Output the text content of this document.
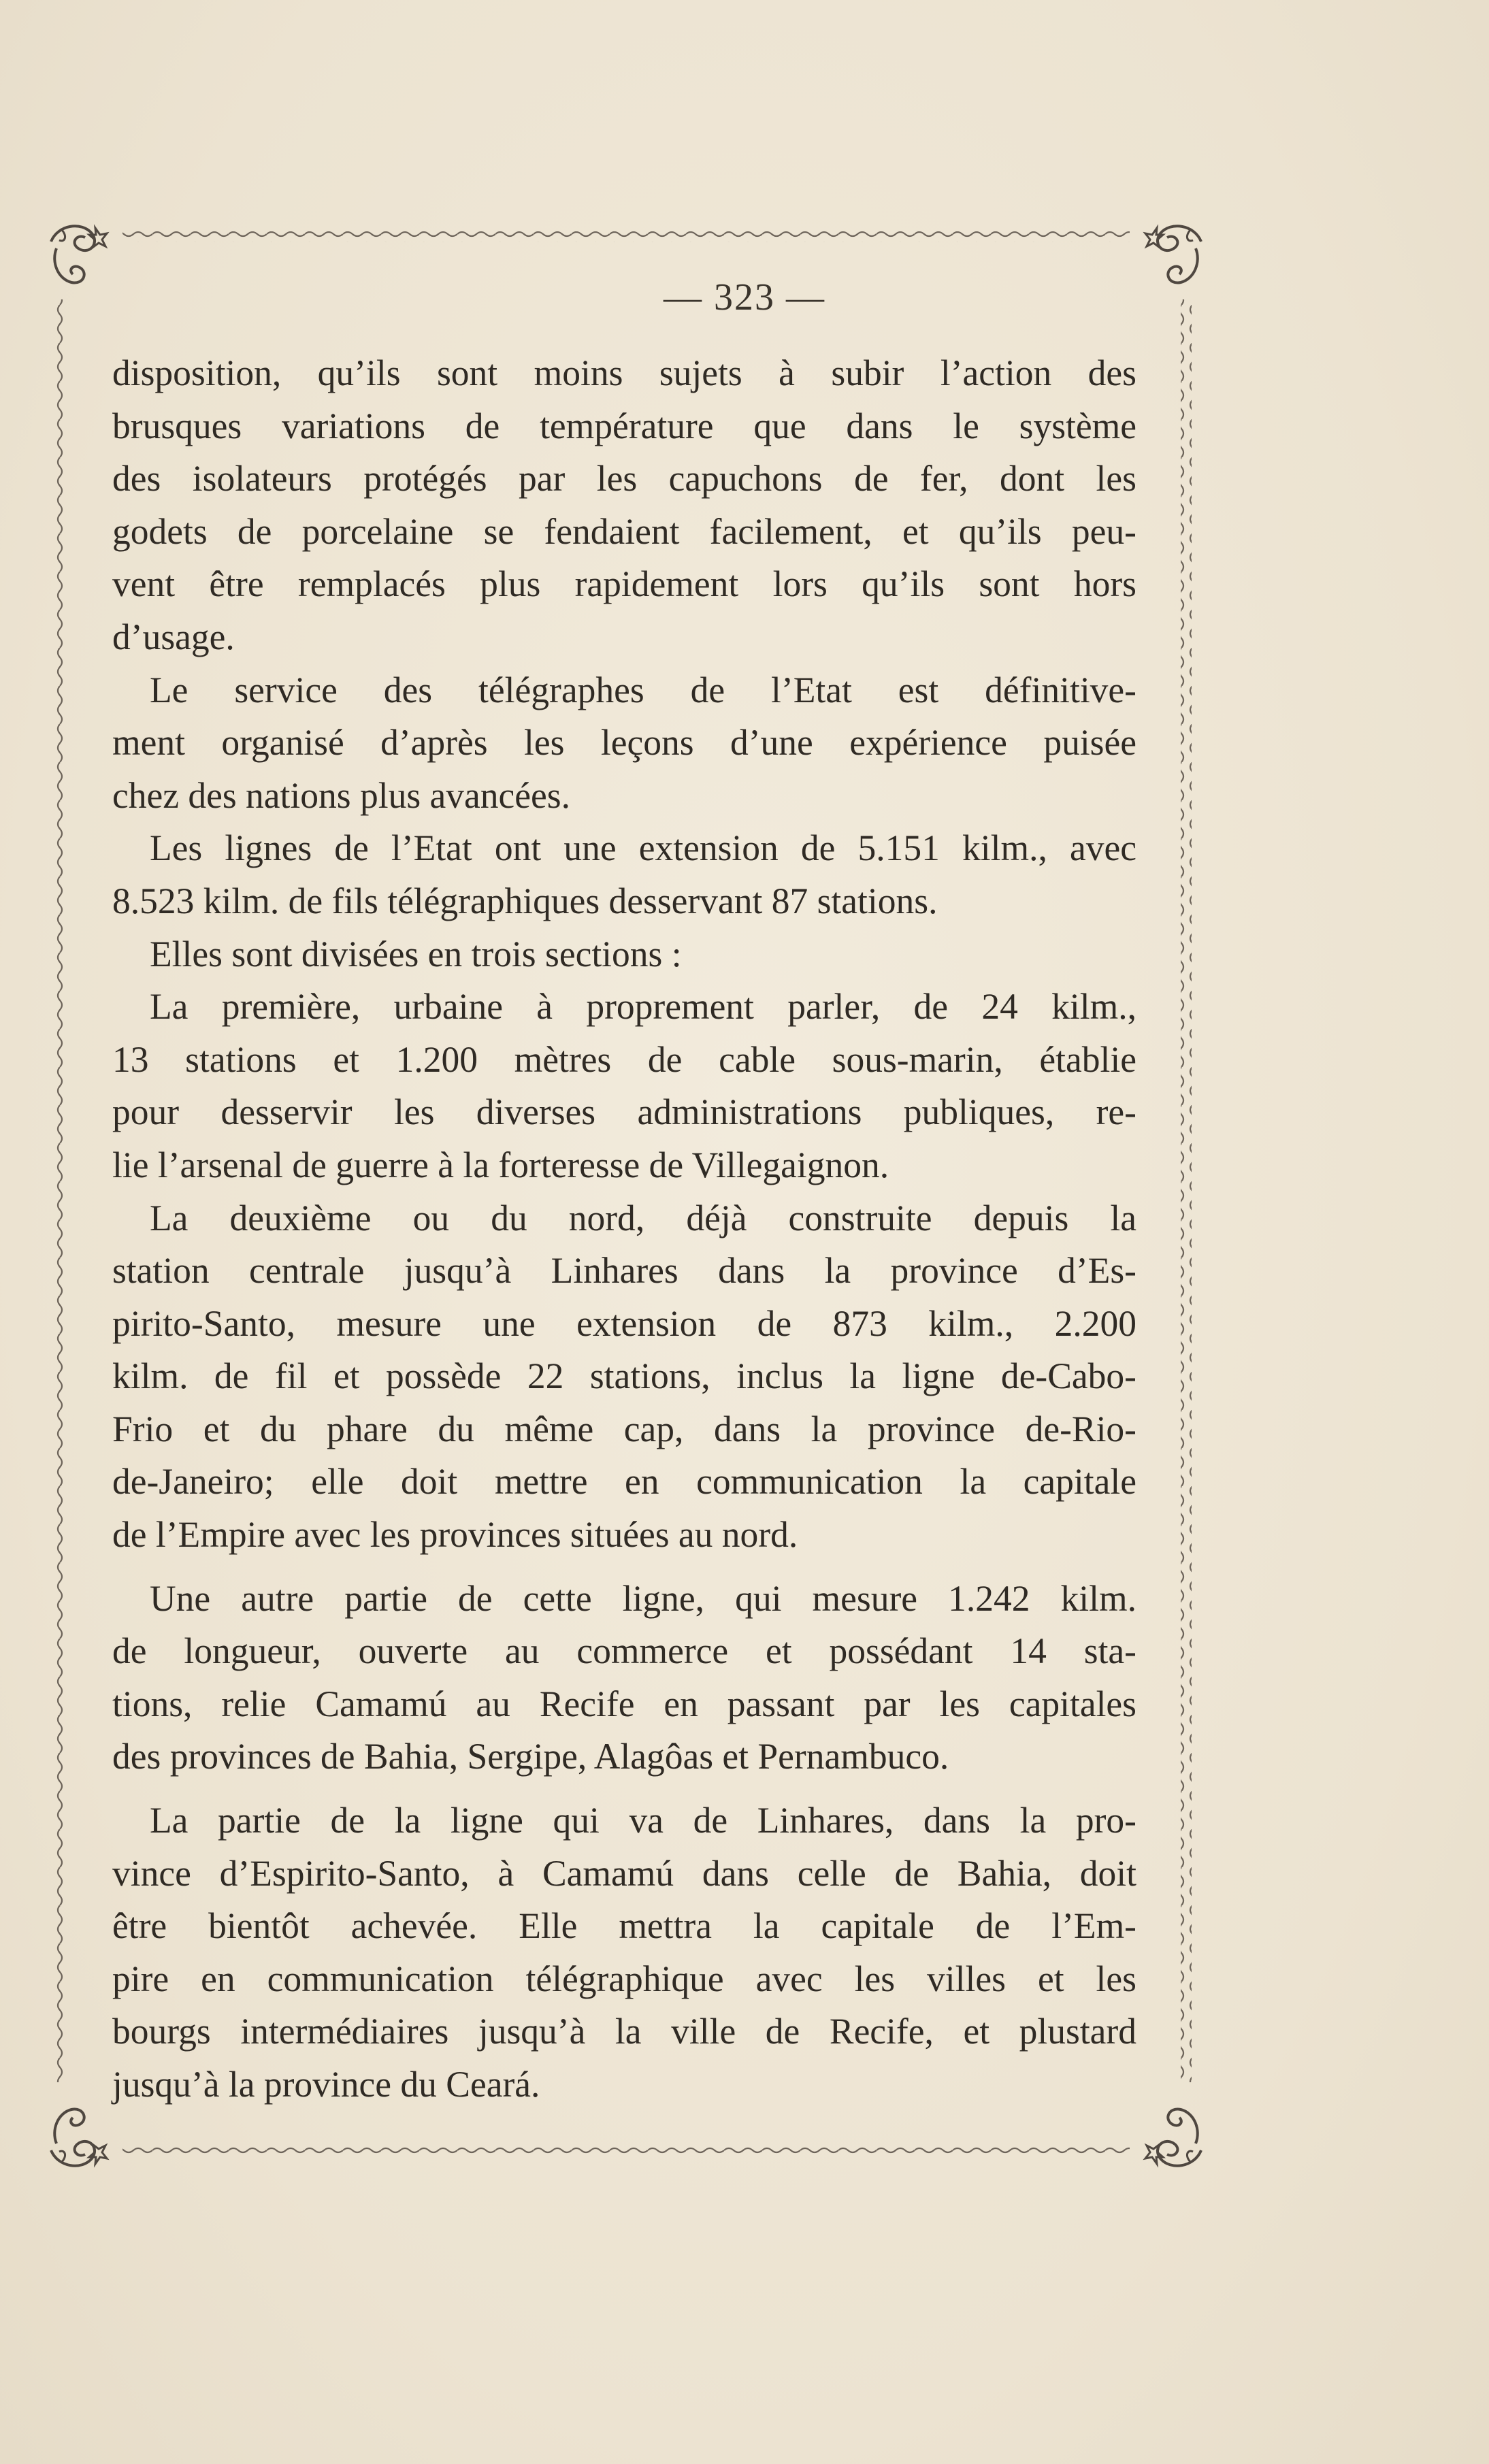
— 323 —

disposition, qu’ils sont moins sujets à subir l’action des
brusques variations de température que dans le système
des isolateurs protégés par les capuchons de fer, dont les
godets de porcelaine se fendaient facilement, et qu’ils peu-
vent être remplacés plus rapidement lors qu’ils sont hors
d’usage.

Le service des télégraphes de l’Etat est définitive-
ment organisé d’après les leçons d’une expérience puisée
chez des nations plus avancées.

Les lignes de l’Etat ont une extension de 5.151 kilm., avec
8.523 kilm. de fils télégraphiques desservant 87 stations.

Elles sont divisées en trois sections :

La première, urbaine à proprement parler, de 24 kilm.,
13 stations et 1.200 mètres de cable sous-marin, établie
pour desservir les diverses administrations publiques, re-
lie l’arsenal de guerre à la forteresse de Villegaignon.

La deuxième ou du nord, déjà construite depuis la
station centrale jusqu’à Linhares dans la province d’Es-
pirito-Santo, mesure une extension de 873 kilm., 2.200
kilm. de fil et possède 22 stations, inclus la ligne de-Cabo-
Frio et du phare du même cap, dans la province de-Rio-
de-Janeiro; elle doit mettre en communication la capitale
de l’Empire avec les provinces situées au nord.

Une autre partie de cette ligne, qui mesure 1.242 kilm.
de longueur, ouverte au commerce et possédant 14 sta-
tions, relie Camamú au Recife en passant par les capitales
des provinces de Bahia, Sergipe, Alagôas et Pernambuco.

La partie de la ligne qui va de Linhares, dans la pro-
vince d’Espirito-Santo, à Camamú dans celle de Bahia, doit
être bientôt achevée. Elle mettra la capitale de l’Em-
pire en communication télégraphique avec les villes et les
bourgs intermédiaires jusqu’à la ville de Recife, et plustard
jusqu’à la province du Ceará.
